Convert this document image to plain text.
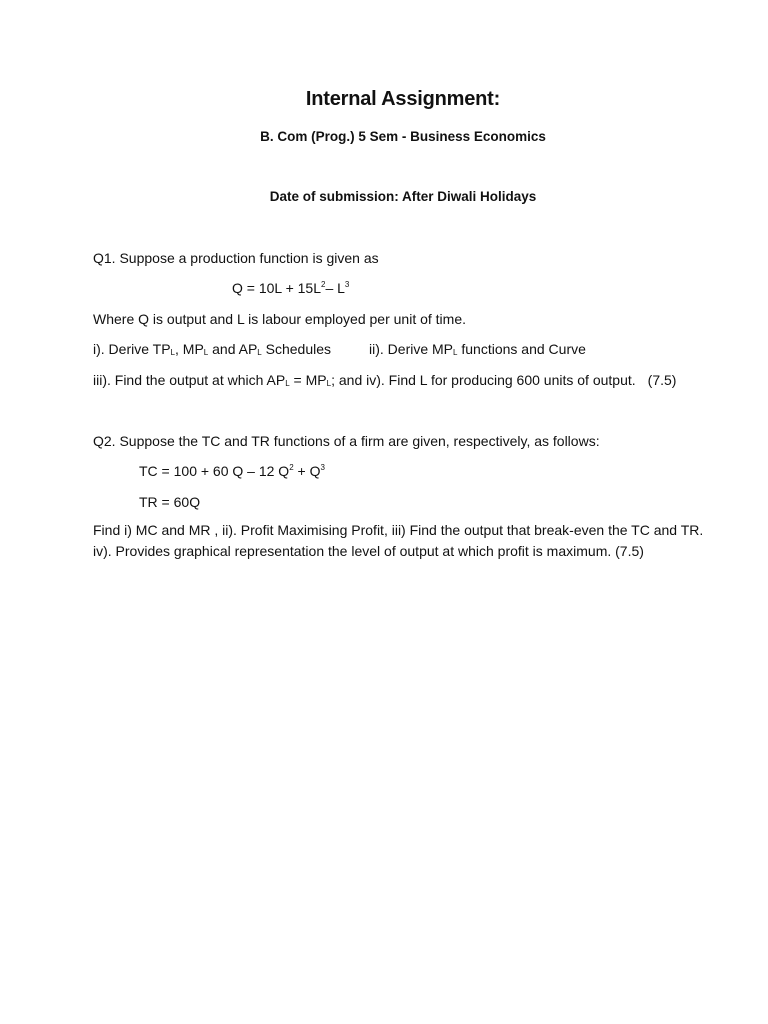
Internal Assignment:
B. Com (Prog.) 5 Sem - Business Economics
Date of submission: After Diwali Holidays
Q1. Suppose a production function is given as
$Q = 10L + 15L^2-$ $L^3$
Where Q is output and L is labour employed per unit of time.
i). Derive $TP_L$, $MP_L$ and $AP_L$ Schedules	ii). Derive $MP_L$ functions and Curve
iii). Find the output at which $AP_L = MP_L$; and iv). Find L for producing 600 units of output. (7.5)
Q2. Suppose the TC and TR functions of a firm are given, respectively, as follows:
TC = 100 + 60 Q – 12 $Q^2 + Q^3$
TR = 60Q
Find i) MC and MR , ii). Profit Maximising Profit, iii) Find the output that break-even the TC and TR. iv). Provides graphical representation the level of output at which profit is maximum. (7.5)
